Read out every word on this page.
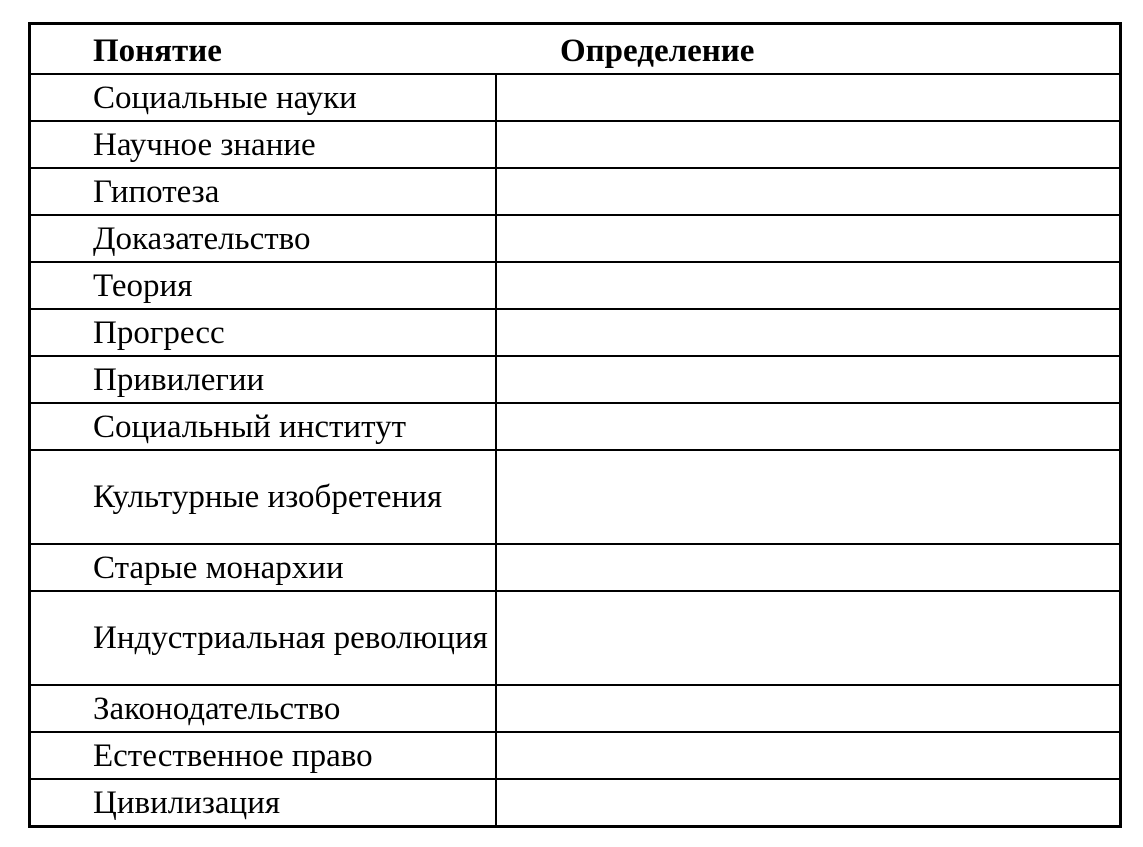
Понятие	Определение
Социальные науки	
Научное знание	
Гипотеза	
Доказательство	
Теория	
Прогресс	
Привилегии	
Социальный институт	
Культурные изобретения	
Старые монархии	
Индустриальная революция	
Законодательство	
Естественное право	
Цивилизация	
